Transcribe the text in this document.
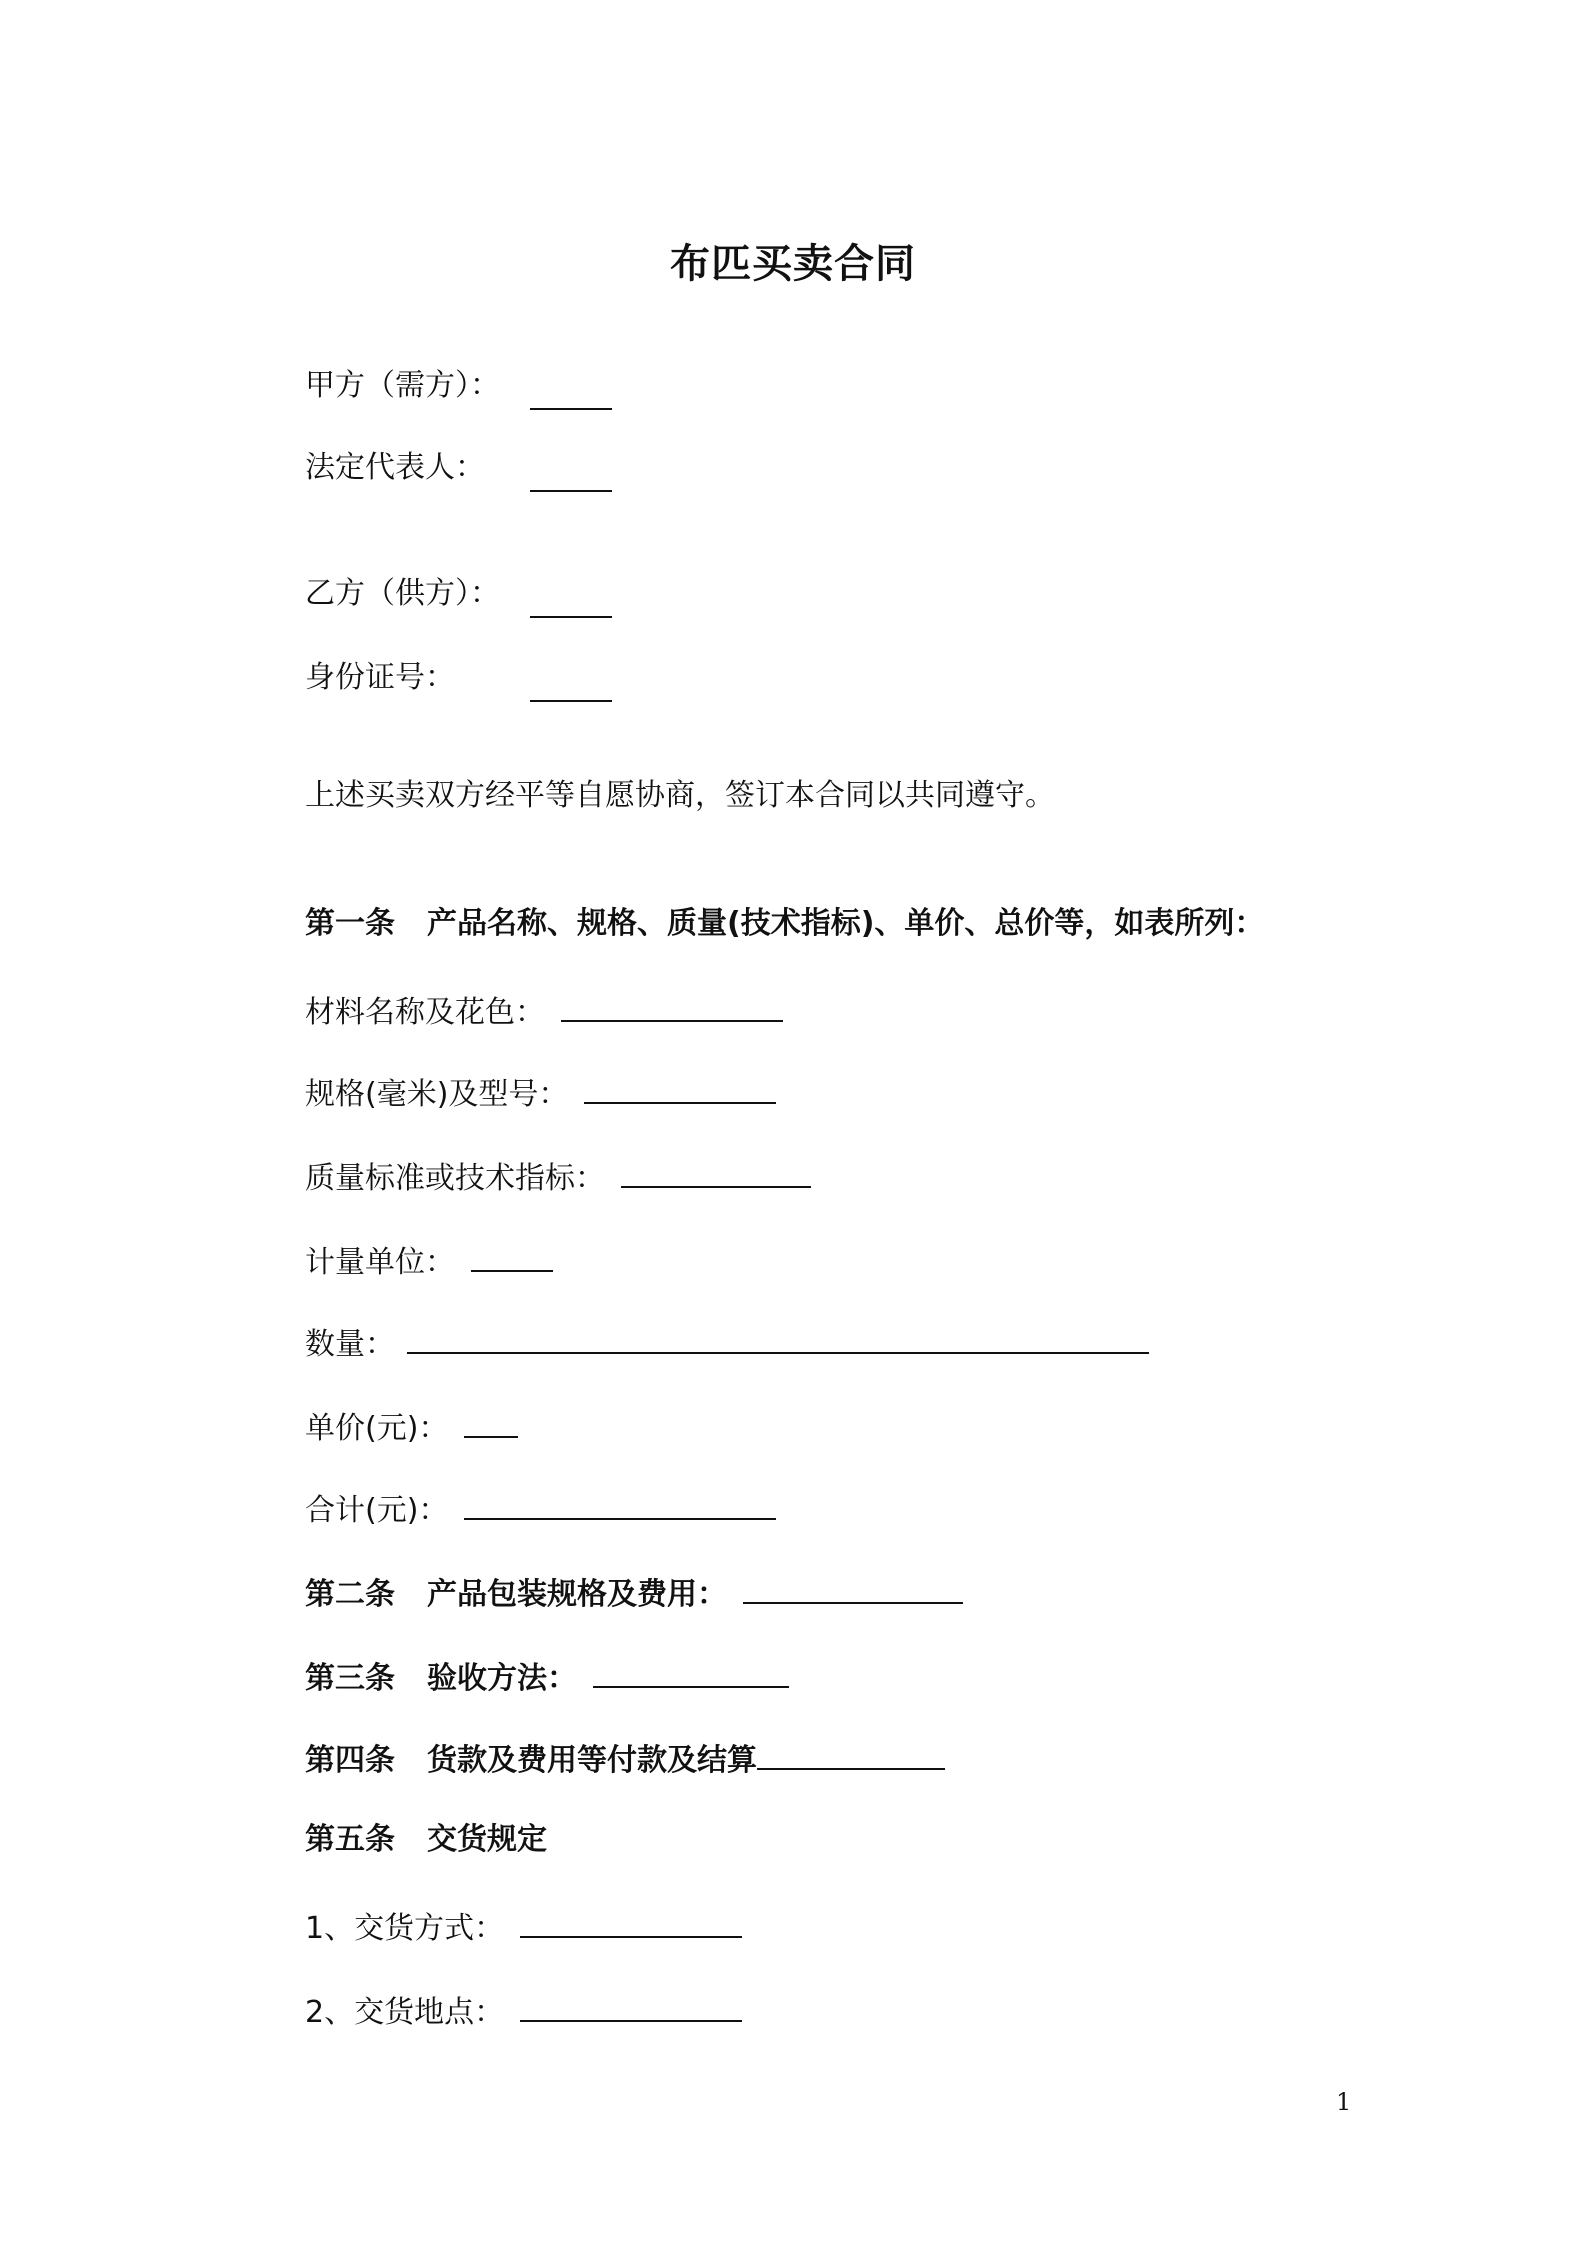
布匹买卖合同
甲方（需方）：
法定代表人：
乙方（供方）：
身份证号：
上述买卖双方经平等自愿协商，签订本合同以共同遵守。
第一条 产品名称、规格、质量(技术指标)、单价、总价等，如表所列：
材料名称及花色：
规格(毫米)及型号：
质量标准或技术指标：
计量单位：
数量：
单价(元)：
合计(元)：
第二条 产品包装规格及费用：
第三条 验收方法：
第四条 货款及费用等付款及结算
第五条 交货规定
1、交货方式：
2、交货地点：
1
